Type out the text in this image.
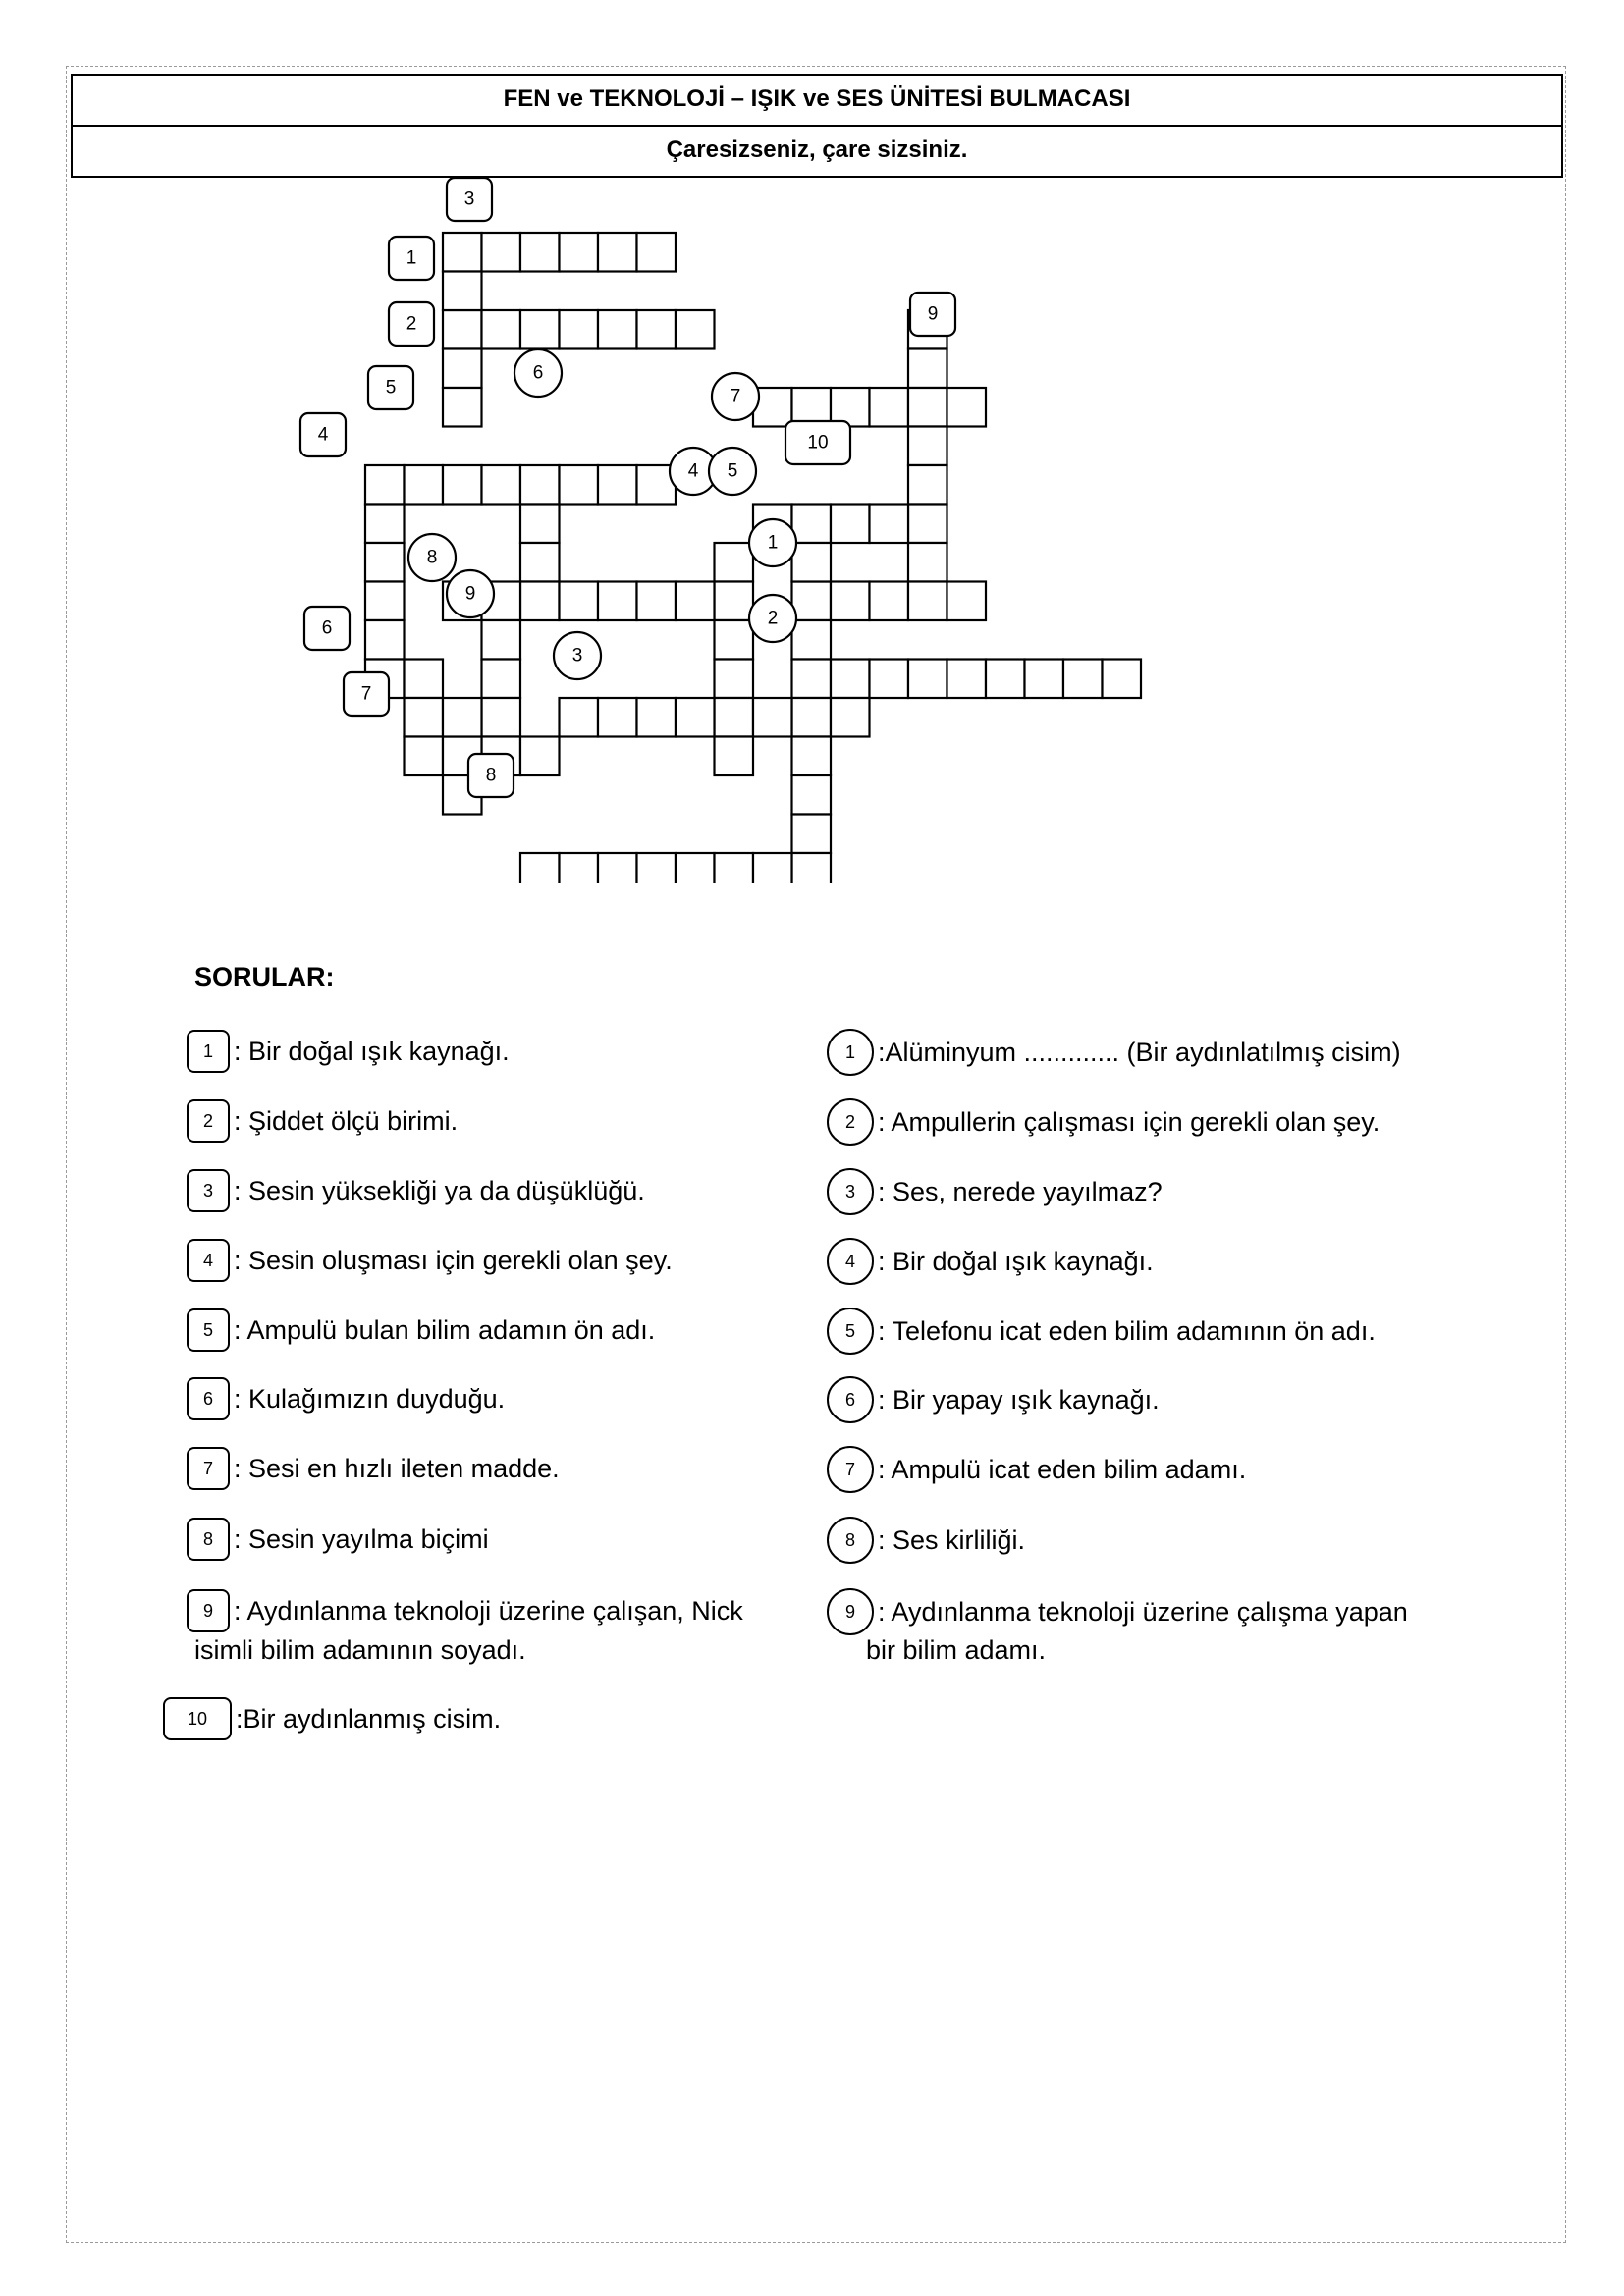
FEN ve TEKNOLOJİ – IŞIK ve SES ÜNİTESİ BULMACASI
Çaresizseniz, çare sizsiniz.
3
1
2	9
5
4	10
6
7
8
6
7
4 5
8
1
9
2
3
SORULAR:
1 : Bir doğal ışık kaynağı.
2 : Şiddet ölçü birimi.
3 : Sesin yüksekliği ya da düşüklüğü.
4 : Sesin oluşması için gerekli olan şey.
5 : Ampulü bulan bilim adamın ön adı.
6 : Kulağımızın duyduğu.
7 : Sesi en hızlı ileten madde.
8 : Sesin yayılma biçimi
9 : Aydınlanma teknoloji üzerine çalışan, Nick
isimli bilim adamının soyadı.
10 :Bir aydınlanmış cisim.
1 :Alüminyum ............. (Bir aydınlatılmış cisim)
2 : Ampullerin çalışması için gerekli olan şey.
3 : Ses, nerede yayılmaz?
4 : Bir doğal ışık kaynağı.
5 : Telefonu icat eden bilim adamının ön adı.
6 : Bir yapay ışık kaynağı.
7 : Ampulü icat eden bilim adamı.
8 : Ses kirliliği.
9 : Aydınlanma teknoloji üzerine çalışma yapan
bir bilim adamı.
